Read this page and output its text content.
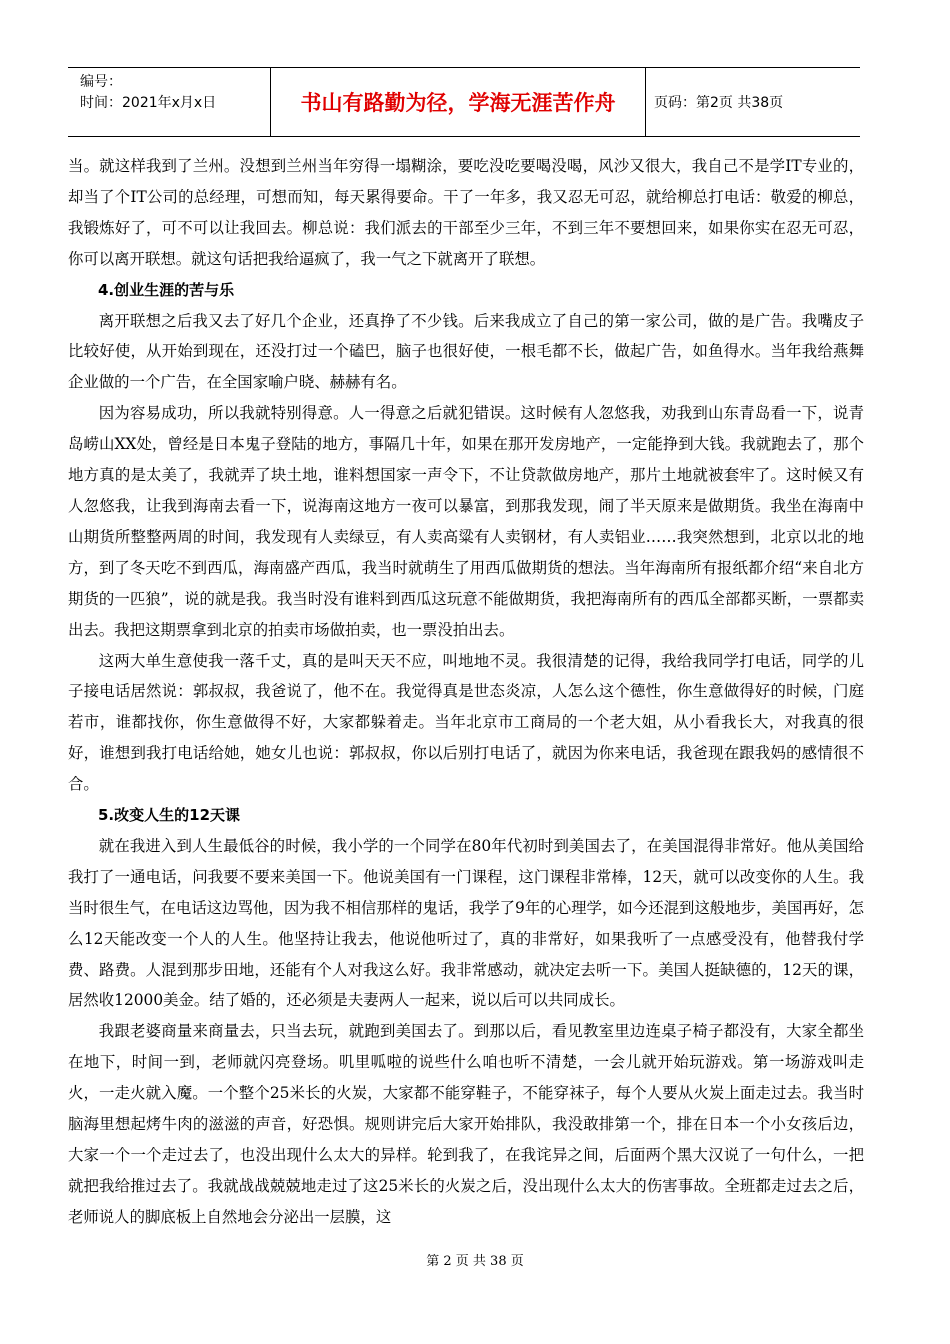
编号：
时间：2021年x月x日	书山有路勤为径，学海无涯苦作舟	页码：第2页 共38页

当。就这样我到了兰州。没想到兰州当年穷得一塌糊涂，要吃没吃要喝没喝，风沙又很大，我自己不是学IT专业的，却当了个IT公司的总经理，可想而知，每天累得要命。干了一年多，我又忍无可忍，就给柳总打电话：敬爱的柳总，我锻炼好了，可不可以让我回去。柳总说：我们派去的干部至少三年，不到三年不要想回来，如果你实在忍无可忍，你可以离开联想。就这句话把我给逼疯了，我一气之下就离开了联想。

4.创业生涯的苦与乐

离开联想之后我又去了好几个企业，还真挣了不少钱。后来我成立了自己的第一家公司，做的是广告。我嘴皮子比较好使，从开始到现在，还没打过一个磕巴，脑子也很好使，一根毛都不长，做起广告，如鱼得水。当年我给燕舞企业做的一个广告，在全国家喻户晓、赫赫有名。

因为容易成功，所以我就特别得意。人一得意之后就犯错误。这时候有人忽悠我，劝我到山东青岛看一下，说青岛崂山XX处，曾经是日本鬼子登陆的地方，事隔几十年，如果在那开发房地产，一定能挣到大钱。我就跑去了，那个地方真的是太美了，我就弄了块土地，谁料想国家一声令下，不让贷款做房地产，那片土地就被套牢了。这时候又有人忽悠我，让我到海南去看一下，说海南这地方一夜可以暴富，到那我发现，闹了半天原来是做期货。我坐在海南中山期货所整整两周的时间，我发现有人卖绿豆，有人卖高粱有人卖钢材，有人卖铝业……我突然想到，北京以北的地方，到了冬天吃不到西瓜，海南盛产西瓜，我当时就萌生了用西瓜做期货的想法。当年海南所有报纸都介绍“来自北方期货的一匹狼”，说的就是我。我当时没有谁料到西瓜这玩意不能做期货，我把海南所有的西瓜全部都买断，一票都卖出去。我把这期票拿到北京的拍卖市场做拍卖，也一票没拍出去。

这两大单生意使我一落千丈，真的是叫天天不应，叫地地不灵。我很清楚的记得，我给我同学打电话，同学的儿子接电话居然说：郭叔叔，我爸说了，他不在。我觉得真是世态炎凉，人怎么这个德性，你生意做得好的时候，门庭若市，谁都找你，你生意做得不好，大家都躲着走。当年北京市工商局的一个老大姐，从小看我长大，对我真的很好，谁想到我打电话给她，她女儿也说：郭叔叔，你以后别打电话了，就因为你来电话，我爸现在跟我妈的感情很不合。

5.改变人生的12天课

就在我进入到人生最低谷的时候，我小学的一个同学在80年代初时到美国去了，在美国混得非常好。他从美国给我打了一通电话，问我要不要来美国一下。他说美国有一门课程，这门课程非常棒，12天，就可以改变你的人生。我当时很生气，在电话这边骂他，因为我不相信那样的鬼话，我学了9年的心理学，如今还混到这般地步，美国再好，怎么12天能改变一个人的人生。他坚持让我去，他说他听过了，真的非常好，如果我听了一点感受没有，他替我付学费、路费。人混到那步田地，还能有个人对我这么好。我非常感动，就决定去听一下。美国人挺缺德的，12天的课，居然收12000美金。结了婚的，还必须是夫妻两人一起来，说以后可以共同成长。

我跟老婆商量来商量去，只当去玩，就跑到美国去了。到那以后，看见教室里边连桌子椅子都没有，大家全都坐在地下，时间一到，老师就闪亮登场。叽里呱啦的说些什么咱也听不清楚，一会儿就开始玩游戏。第一场游戏叫走火，一走火就入魔。一个整个25米长的火炭，大家都不能穿鞋子，不能穿袜子，每个人要从火炭上面走过去。我当时脑海里想起烤牛肉的滋滋的声音，好恐惧。规则讲完后大家开始排队，我没敢排第一个，排在日本一个小女孩后边，大家一个一个走过去了，也没出现什么太大的异样。轮到我了，在我诧异之间，后面两个黑大汉说了一句什么，一把就把我给推过去了。我就战战兢兢地走过了这25米长的火炭之后，没出现什么太大的伤害事故。全班都走过去之后，老师说人的脚底板上自然地会分泌出一层膜，这

第 2 页 共 38 页
